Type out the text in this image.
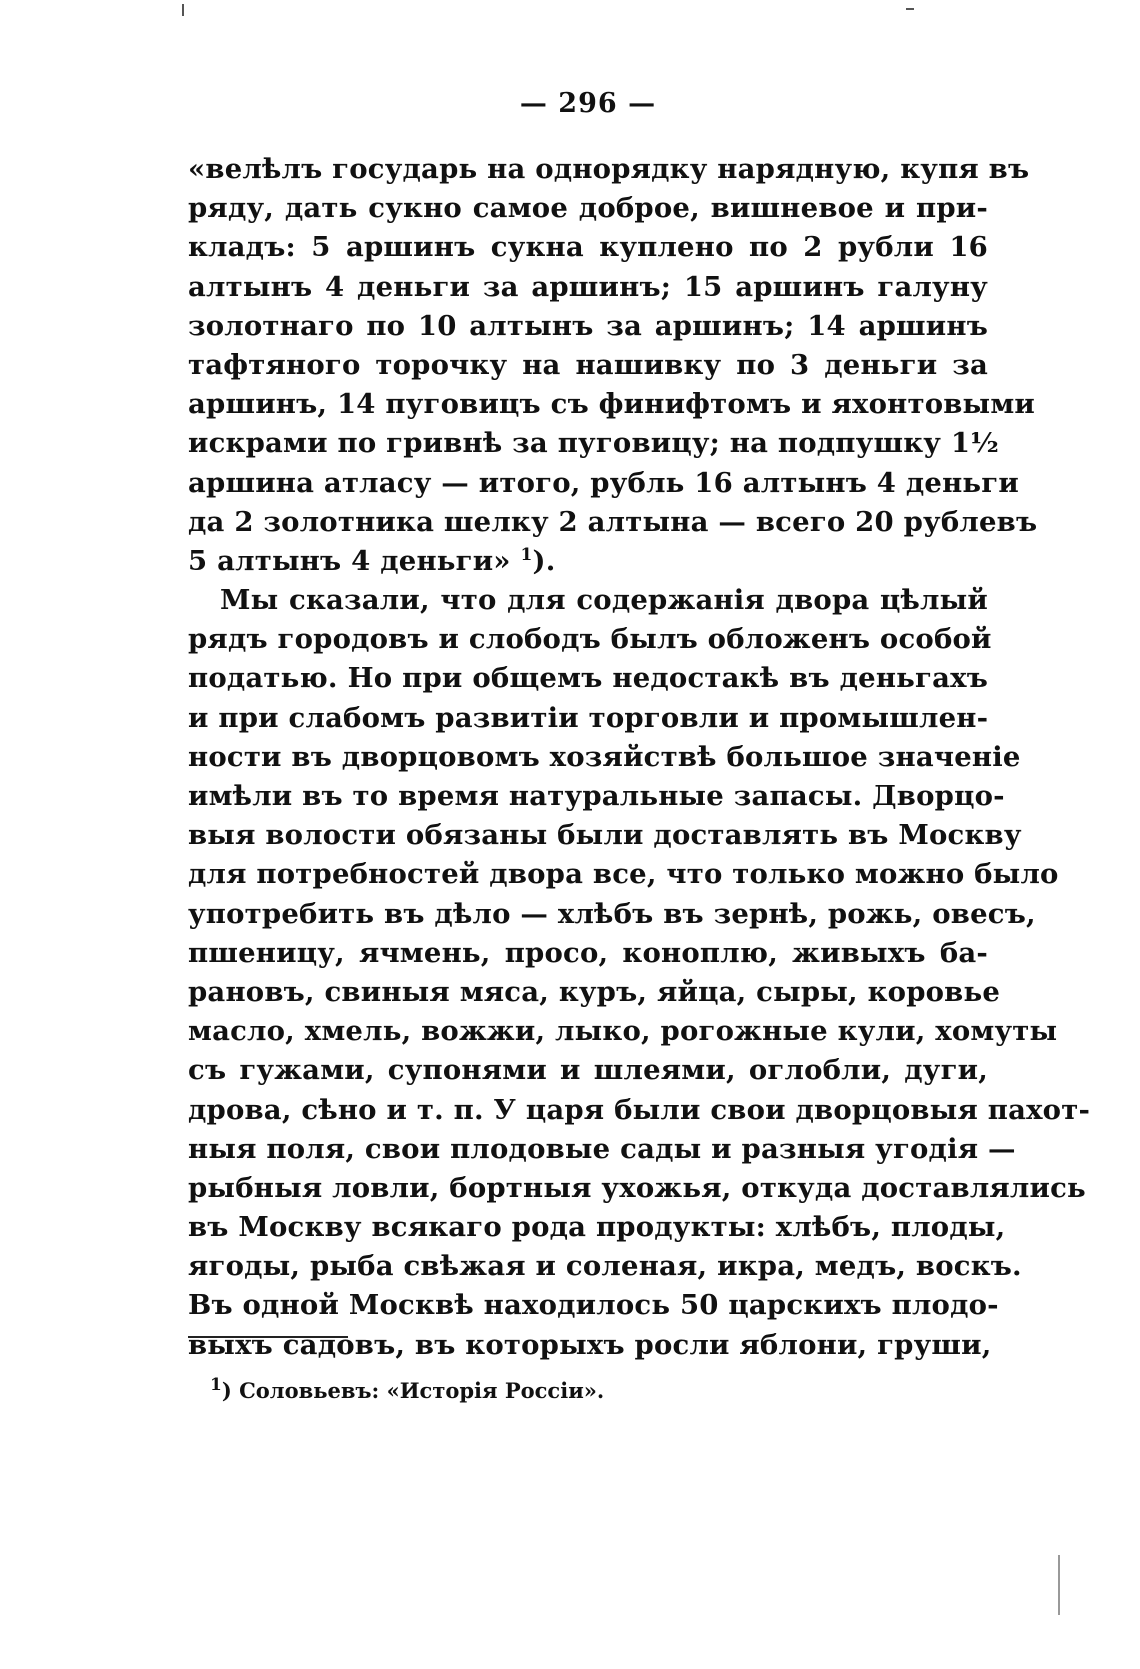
— 296 —
«велѣлъ государь на однорядку нарядную, купя въ
ряду, дать сукно самое доброе, вишневое и при-
кладъ: 5 аршинъ сукна куплено по 2 рубли 16
алтынъ 4 деньги за аршинъ; 15 аршинъ галуну
золотнаго по 10 алтынъ за аршинъ; 14 аршинъ
тафтяного торочку на нашивку по 3 деньги за
аршинъ, 14 пуговицъ съ финифтомъ и яхонтовыми
искрами по гривнѣ за пуговицу; на подпушку 1½
аршина атласу — итого, рубль 16 алтынъ 4 деньги
да 2 золотника шелку 2 алтына — всего 20 рублевъ
5 алтынъ 4 деньги» $^1$).
Мы сказали, что для содержанія двора цѣлый
рядъ городовъ и слободъ былъ обложенъ особой
податью. Но при общемъ недостакѣ въ деньгахъ
и при слабомъ развитіи торговли и промышлен-
ности въ дворцовомъ хозяйствѣ большое значеніе
имѣли въ то время натуральные запасы. Дворцо-
выя волости обязаны были доставлять въ Москву
для потребностей двора все, что только можно было
употребить въ дѣло — хлѣбъ въ зернѣ, рожь, овесъ,
пшеницу, ячмень, просо, коноплю, живыхъ ба-
рановъ, свиныя мяса, куръ, яйца, сыры, коровье
масло, хмель, вожжи, лыко, рогожные кули, хомуты
съ гужами, супонями и шлеями, оглобли, дуги,
дрова, сѣно и т. п. У царя были свои дворцовыя пахот-
ныя поля, свои плодовые сады и разныя угодія —
рыбныя ловли, бортныя ухожья, откуда доставлялись
въ Москву всякаго рода продукты: хлѣбъ, плоды,
ягоды, рыба свѣжая и соленая, икра, медъ, воскъ.
Въ одной Москвѣ находилось 50 царскихъ плодо-
выхъ садовъ, въ которыхъ росли яблони, груши,
$^1$) Соловьевъ: «Исторія Россіи».
